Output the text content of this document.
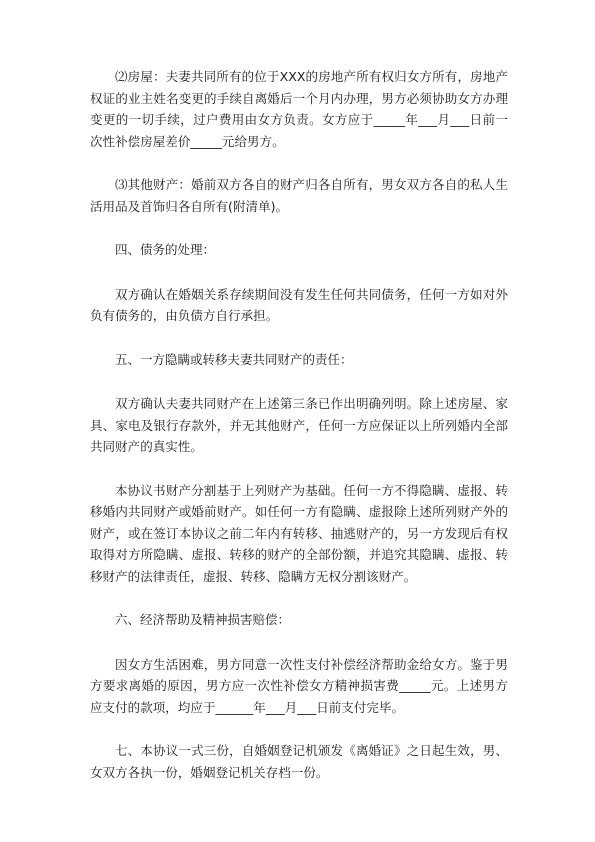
⑵房屋：夫妻共同所有的位于XXX的房地产所有权归女方所有，房地产权证的业主姓名变更的手续自离婚后一个月内办理，男方必须协助女方办理变更的一切手续，过户费用由女方负责。女方应于_____年___月___日前一次性补偿房屋差价_____元给男方。

⑶其他财产：婚前双方各自的财产归各自所有，男女双方各自的私人生活用品及首饰归各自所有(附清单)。

四、债务的处理：

双方确认在婚姻关系存续期间没有发生任何共同债务，任何一方如对外负有债务的，由负债方自行承担。

五、一方隐瞒或转移夫妻共同财产的责任：

双方确认夫妻共同财产在上述第三条已作出明确列明。除上述房屋、家具、家电及银行存款外，并无其他财产，任何一方应保证以上所列婚内全部共同财产的真实性。

本协议书财产分割基于上列财产为基础。任何一方不得隐瞒、虚报、转移婚内共同财产或婚前财产。如任何一方有隐瞒、虚报除上述所列财产外的财产，或在签订本协议之前二年内有转移、抽逃财产的，另一方发现后有权取得对方所隐瞒、虚报、转移的财产的全部份额，并追究其隐瞒、虚报、转移财产的法律责任，虚报、转移、隐瞒方无权分割该财产。

六、经济帮助及精神损害赔偿：

因女方生活困难，男方同意一次性支付补偿经济帮助金给女方。鉴于男方要求离婚的原因，男方应一次性补偿女方精神损害费_____元。上述男方应支付的款项，均应于______年___月___日前支付完毕。

七、本协议一式三份，自婚姻登记机颁发《离婚证》之日起生效，男、女双方各执一份，婚姻登记机关存档一份。
